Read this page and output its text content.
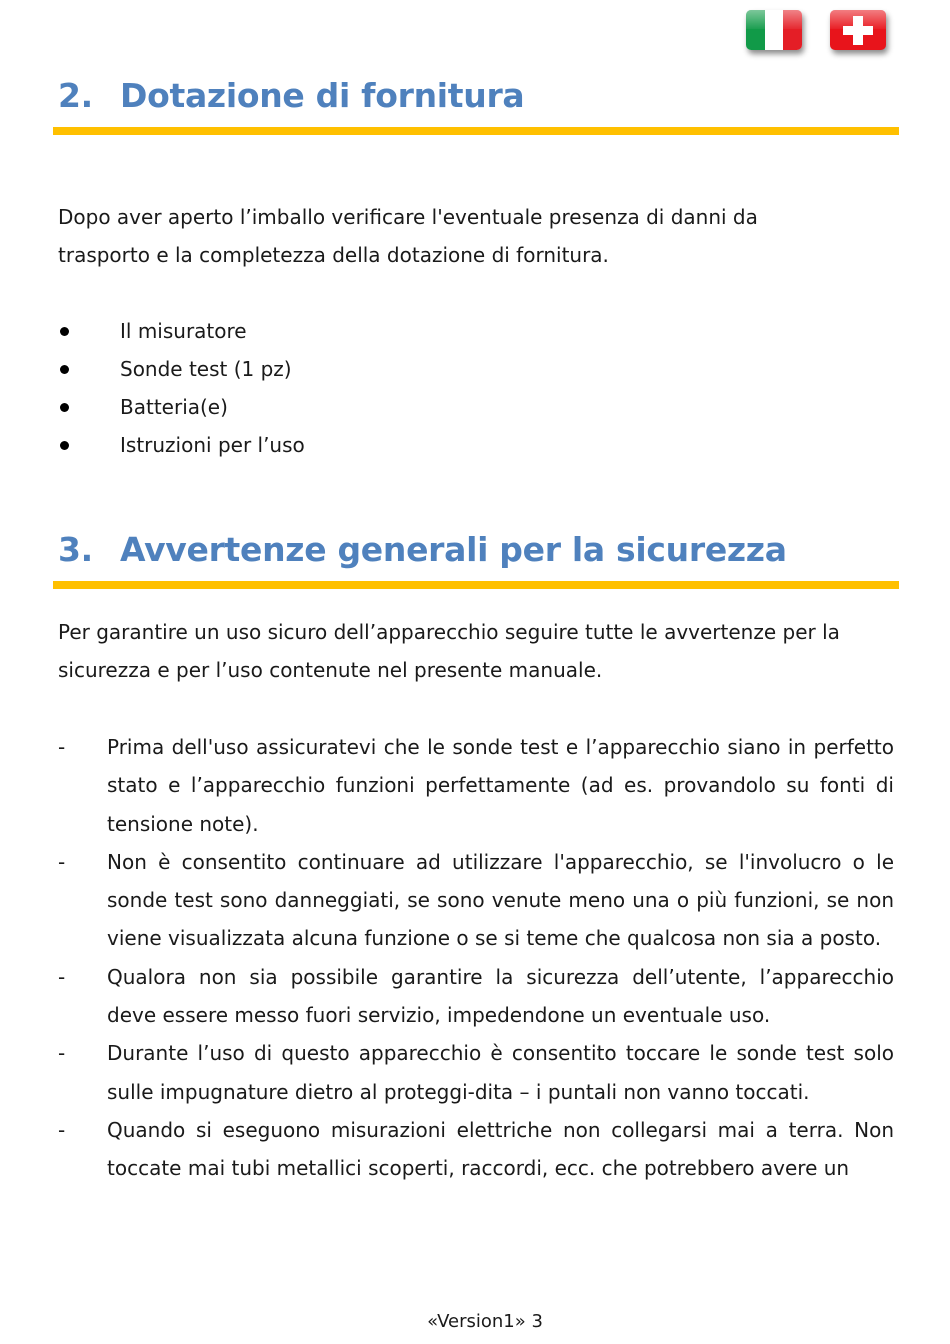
2. Dotazione di fornitura

Dopo aver aperto l’imballo verificare l'eventuale presenza di danni da trasporto e la completezza della dotazione di fornitura.

Il misuratore
Sonde test (1 pz)
Batteria(e)
Istruzioni per l’uso
3. Avvertenze generali per la sicurezza

Per garantire un uso sicuro dell’apparecchio seguire tutte le avvertenze per la sicurezza e per l’uso contenute nel presente manuale.

- Prima dell'uso assicuratevi che le sonde test e l’apparecchio siano in perfetto stato e l’apparecchio funzioni perfettamente (ad es. provandolo su fonti di tensione note).
- Non è consentito continuare ad utilizzare l'apparecchio, se l'involucro o le sonde test sono danneggiati, se sono venute meno una o più funzioni, se non viene visualizzata alcuna funzione o se si teme che qualcosa non sia a posto.
- Qualora non sia possibile garantire la sicurezza dell’utente, l’apparecchio deve essere messo fuori servizio, impedendone un eventuale uso.
- Durante l’uso di questo apparecchio è consentito toccare le sonde test solo sulle impugnature dietro al proteggi-dita – i puntali non vanno toccati.
- Quando si eseguono misurazioni elettriche non collegarsi mai a terra. Non toccate mai tubi metallici scoperti, raccordi, ecc. che potrebbero avere un
«Version1» 3
